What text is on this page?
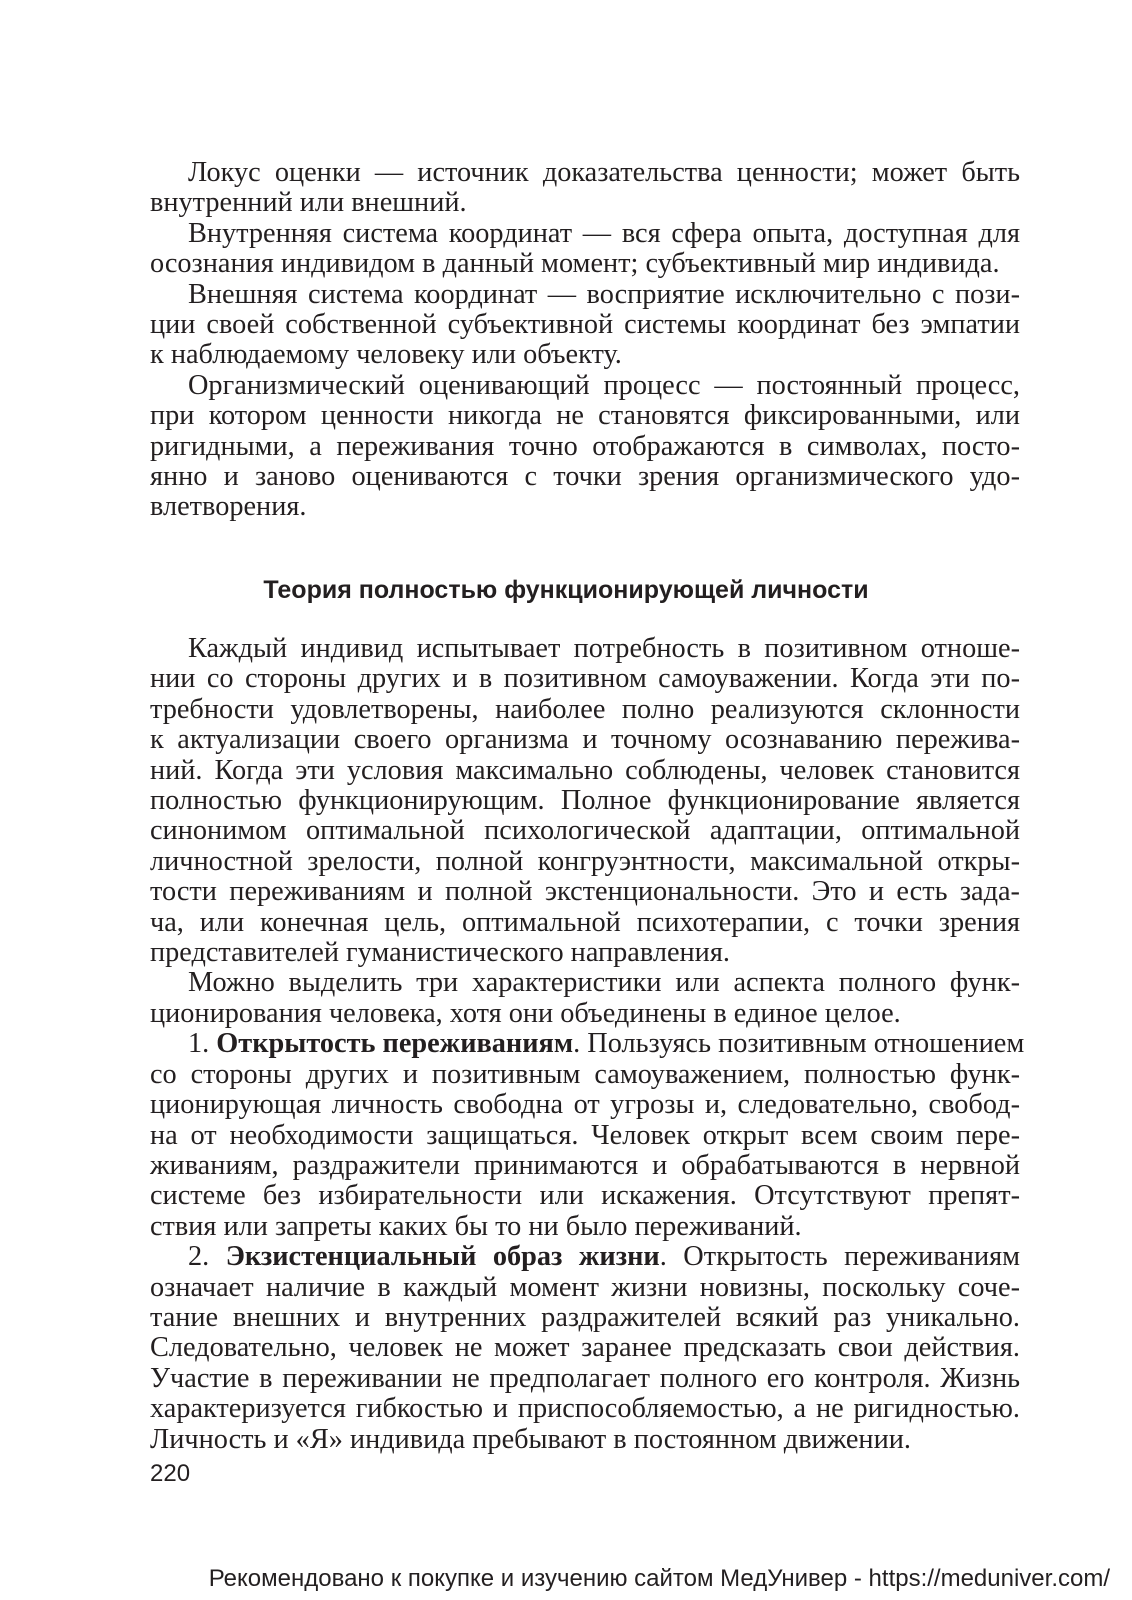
Локус оценки — источник доказательства ценности; может быть
внутренний или внешний.
Внутренняя система координат — вся сфера опыта, доступная для
осознания индивидом в данный момент; субъективный мир индивида.
Внешняя система координат — восприятие исключительно с пози-
ции своей собственной субъективной системы координат без эмпатии
к наблюдаемому человеку или объекту.
Организмический оценивающий процесс — постоянный процесс,
при котором ценности никогда не становятся фиксированными, или
ригидными, а переживания точно отображаются в символах, посто-
янно и заново оцениваются с точки зрения организмического удо-
влетворения.
Теория полностью функционирующей личности
Каждый индивид испытывает потребность в позитивном отноше-
нии со стороны других и в позитивном самоуважении. Когда эти по-
требности удовлетворены, наиболее полно реализуются склонности
к актуализации своего организма и точному осознаванию пережива-
ний. Когда эти условия максимально соблюдены, человек становится
полностью функционирующим. Полное функционирование является
синонимом оптимальной психологической адаптации, оптимальной
личностной зрелости, полной конгруэнтности, максимальной откры-
тости переживаниям и полной экстенциональности. Это и есть зада-
ча, или конечная цель, оптимальной психотерапии, с точки зрения
представителей гуманистического направления.
Можно выделить три характеристики или аспекта полного функ-
ционирования человека, хотя они объединены в единое целое.
1. Открытость переживаниям. Пользуясь позитивным отношением
со стороны других и позитивным самоуважением, полностью функ-
ционирующая личность свободна от угрозы и, следовательно, свобод-
на от необходимости защищаться. Человек открыт всем своим пере-
живаниям, раздражители принимаются и обрабатываются в нервной
системе без избирательности или искажения. Отсутствуют препят-
ствия или запреты каких бы то ни было переживаний.
2. Экзистенциальный образ жизни. Открытость переживаниям
означает наличие в каждый момент жизни новизны, поскольку соче-
тание внешних и внутренних раздражителей всякий раз уникально.
Следовательно, человек не может заранее предсказать свои действия.
Участие в переживании не предполагает полного его контроля. Жизнь
характеризуется гибкостью и приспособляемостью, а не ригидностью.
Личность и «Я» индивида пребывают в постоянном движении.
220
Рекомендовано к покупке и изучению сайтом МедУнивер - https://meduniver.com/
